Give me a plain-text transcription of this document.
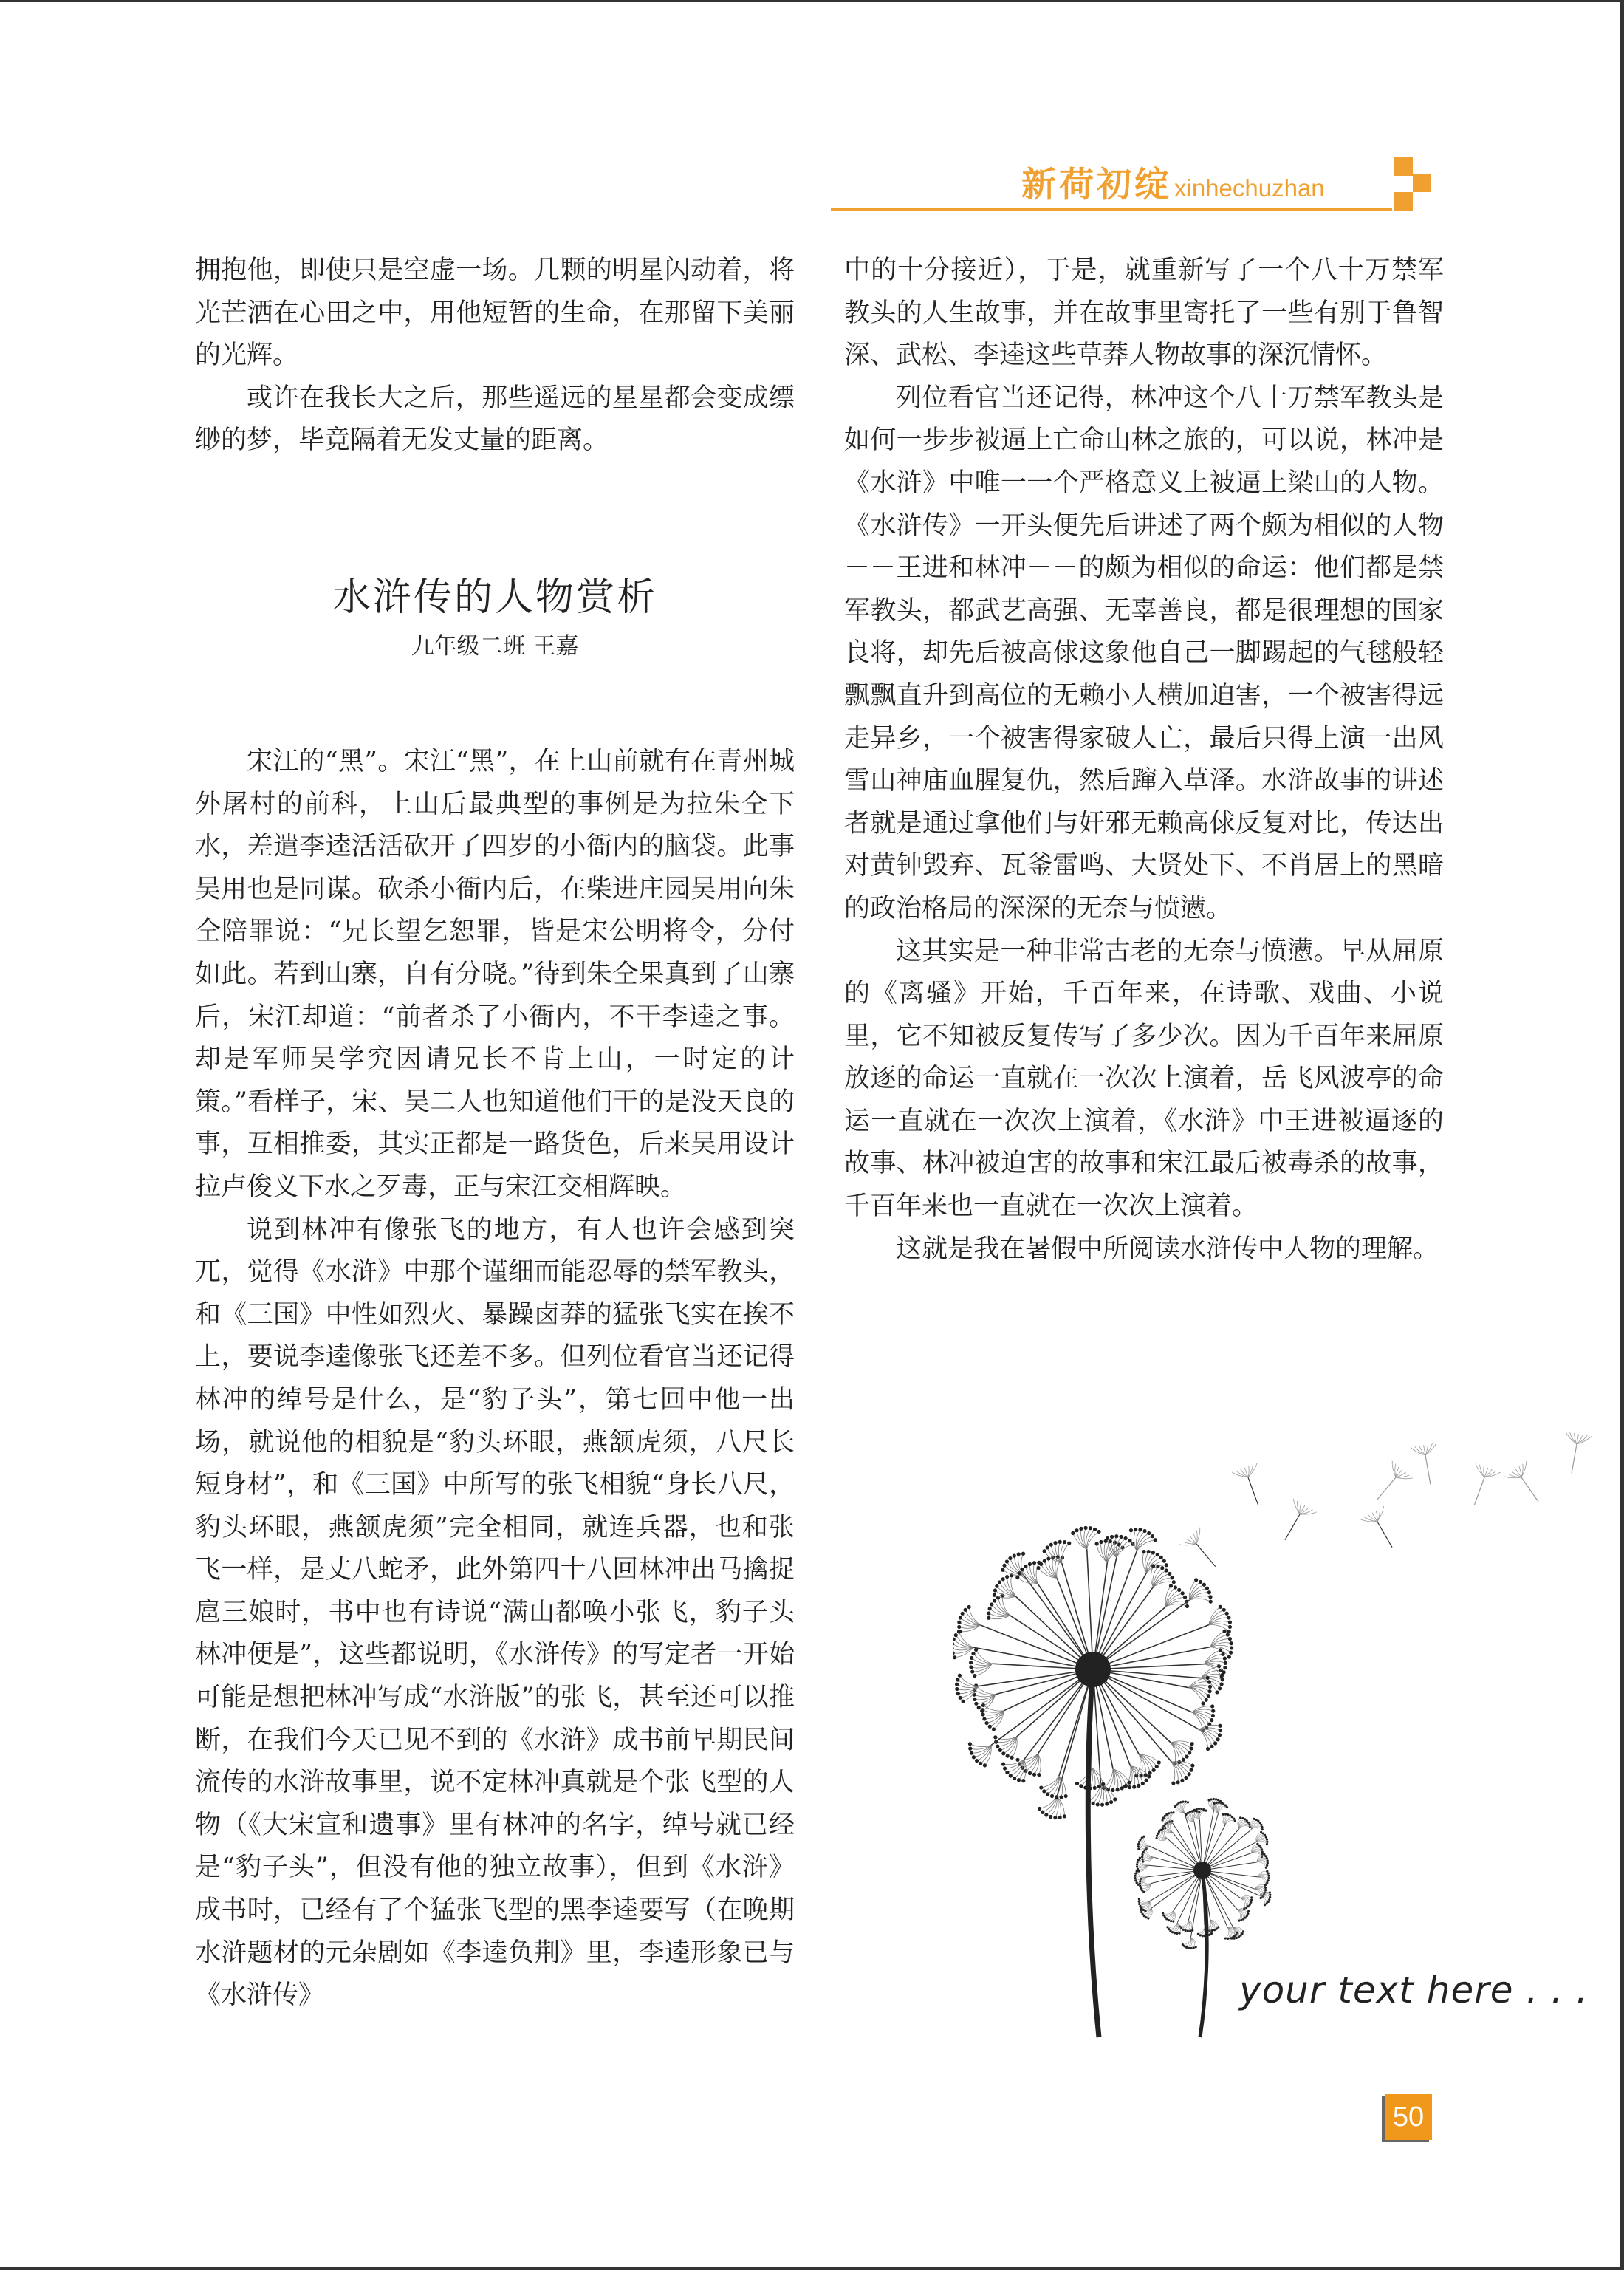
新荷初绽 xinhechuzhan

拥抱他，即使只是空虚一场。几颗的明星闪动着，将光芒洒在心田之中，用他短暂的生命，在那留下美丽的光辉。

或许在我长大之后，那些遥远的星星都会变成缥缈的梦，毕竟隔着无发丈量的距离。

水浒传的人物赏析
九年级二班 王嘉

宋江的“黑”。宋江“黑”，在上山前就有在青州城外屠村的前科，上山后最典型的事例是为拉朱仝下水，差遣李逵活活砍开了四岁的小衙内的脑袋。此事吴用也是同谋。砍杀小衙内后，在柴进庄园吴用向朱仝陪罪说：“兄长望乞恕罪，皆是宋公明将令，分付如此。若到山寨，自有分晓。”待到朱仝果真到了山寨后，宋江却道：“前者杀了小衙内，不干李逵之事。却是军师吴学究因请兄长不肯上山，一时定的计策。”看样子，宋、吴二人也知道他们干的是没天良的事，互相推委，其实正都是一路货色，后来吴用设计拉卢俊义下水之歹毒，正与宋江交相辉映。

说到林冲有像张飞的地方，有人也许会感到突兀，觉得《水浒》中那个谨细而能忍辱的禁军教头，和《三国》中性如烈火、暴躁卤莽的猛张飞实在挨不上，要说李逵像张飞还差不多。但列位看官当还记得林冲的绰号是什么，是“豹子头”，第七回中他一出场，就说他的相貌是“豹头环眼，燕颔虎须，八尺长短身材”，和《三国》中所写的张飞相貌“身长八尺，豹头环眼，燕颔虎须”完全相同，就连兵器，也和张飞一样，是丈八蛇矛，此外第四十八回林冲出马擒捉扈三娘时，书中也有诗说“满山都唤小张飞，豹子头林冲便是”，这些都说明，《水浒传》的写定者一开始可能是想把林冲写成“水浒版”的张飞，甚至还可以推断，在我们今天已见不到的《水浒》成书前早期民间流传的水浒故事里，说不定林冲真就是个张飞型的人物（《大宋宣和遗事》里有林冲的名字，绰号就已经是“豹子头”，但没有他的独立故事），但到《水浒》成书时，已经有了个猛张飞型的黑李逵要写（在晚期水浒题材的元杂剧如《李逵负荆》里，李逵形象已与《水浒传》

中的十分接近），于是，就重新写了一个八十万禁军教头的人生故事，并在故事里寄托了一些有别于鲁智深、武松、李逵这些草莽人物故事的深沉情怀。

列位看官当还记得，林冲这个八十万禁军教头是如何一步步被逼上亡命山林之旅的，可以说，林冲是《水浒》中唯一一个严格意义上被逼上梁山的人物。《水浒传》一开头便先后讲述了两个颇为相似的人物－－王进和林冲－－的颇为相似的命运：他们都是禁军教头，都武艺高强、无辜善良，都是很理想的国家良将，却先后被高俅这象他自己一脚踢起的气毬般轻飘飘直升到高位的无赖小人横加迫害，一个被害得远走异乡，一个被害得家破人亡，最后只得上演一出风雪山神庙血腥复仇，然后蹿入草泽。水浒故事的讲述者就是通过拿他们与奸邪无赖高俅反复对比，传达出对黄钟毁弃、瓦釜雷鸣、大贤处下、不肖居上的黑暗的政治格局的深深的无奈与愤懑。

这其实是一种非常古老的无奈与愤懑。早从屈原的《离骚》开始，千百年来，在诗歌、戏曲、小说里，它不知被反复传写了多少次。因为千百年来屈原放逐的命运一直就在一次次上演着，岳飞风波亭的命运一直就在一次次上演着，《水浒》中王进被逼逐的故事、林冲被迫害的故事和宋江最后被毒杀的故事，千百年来也一直就在一次次上演着。

这就是我在暑假中所阅读水浒传中人物的理解。

your text here . . .
50
